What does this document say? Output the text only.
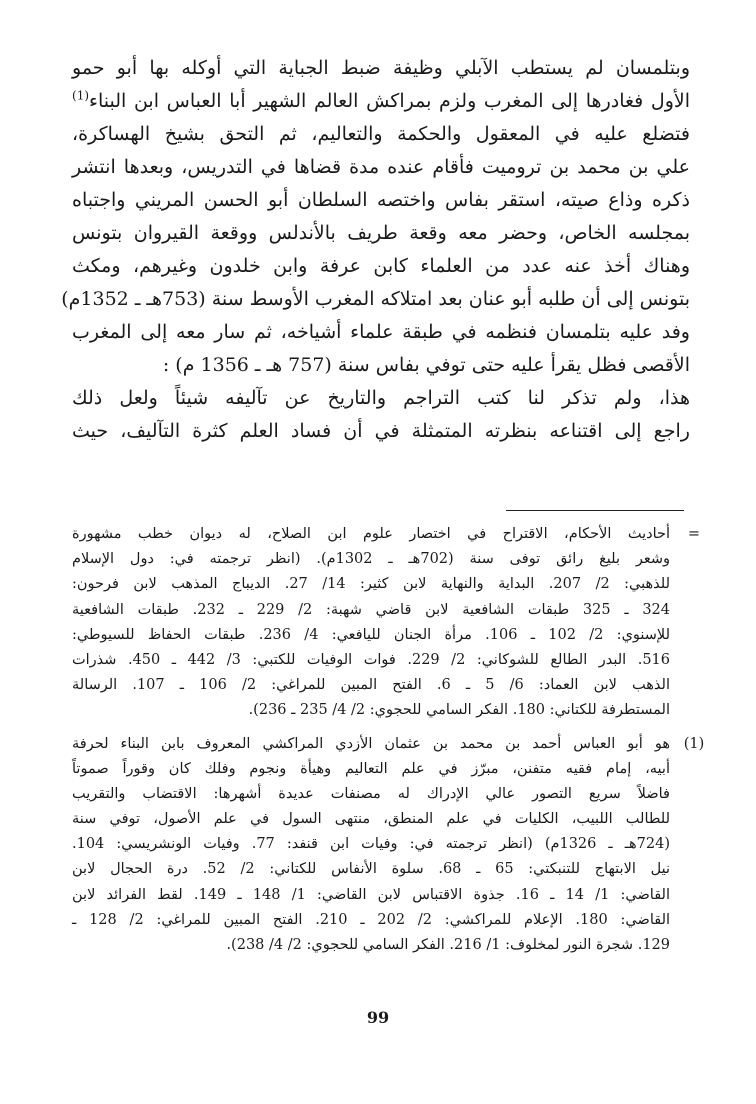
وبتلمسان لم يستطب الآبلي وظيفة ضبط الجباية التي أوكله بها أبو حمو
الأول فغادرها إلى المغرب ولزم بمراكش العالم الشهير أبا العباس ابن البناء$^{(1)}$
فتضلع عليه في المعقول والحكمة والتعاليم، ثم التحق بشيخ الهساكرة،
علي بن محمد بن تروميت فأقام عنده مدة قضاها في التدريس، وبعدها انتشر
ذكره وذاع صيته، استقر بفاس واختصه السلطان أبو الحسن المريني واجتباه
بمجلسه الخاص، وحضر معه وقعة طريف بالأندلس ووقعة القيروان بتونس
وهناك أخذ عنه عدد من العلماء كابن عرفة وابن خلدون وغيرهم، ومكث
بتونس إلى أن طلبه أبو عنان بعد امتلاكه المغرب الأوسط سنة (753هـ ـ 1352م)
وفد عليه بتلمسان فنظمه في طبقة علماء أشياخه، ثم سار معه إلى المغرب
الأقصى فظل يقرأ عليه حتى توفي بفاس سنة (757 هـ ـ 1356 م) :
هذا، ولم تذكر لنا كتب التراجم والتاريخ عن تآليفه شيئاً ولعل ذلك
راجع إلى اقتناعه بنظرته المتمثلة في أن فساد العلم كثرة التآليف، حيث
=
أحاديث الأحكام، الاقتراح في اختصار علوم ابن الصلاح، له ديوان خطب مشهورة
وشعر بليغ رائق توفى سنة (702هـ ـ 1302م). (انظر ترجمته في: دول الإسلام
للذهبي: 2/ 207. البداية والنهاية لابن كثير: 14/ 27. الديباج المذهب لابن فرحون:
324 ـ 325 طبقات الشافعية لابن قاضي شهبة: 2/ 229 ـ 232. طبقات الشافعية
للإسنوي: 2/ 102 ـ 106. مرأة الجنان لليافعي: 4/ 236. طبقات الحفاظ للسيوطي:
516. البدر الطالع للشوكاني: 2/ 229. فوات الوفيات للكتبي: 3/ 442 ـ 450. شذرات
الذهب لابن العماد: 6/ 5 ـ 6. الفتح المبين للمراغي: 2/ 106 ـ 107. الرسالة
المستطرفة للكتاني: 180. الفكر السامي للحجوي: 2/ 4/ 235 ـ 236).
(1)
هو أبو العباس أحمد بن محمد بن عثمان الأزدي المراكشي المعروف بابن البناء لحرفة
أبيه، إمام فقيه متفنن، مبرّز في علم التعاليم وهيأة ونجوم وفلك كان وقوراً صموتاً
فاضلاً سريع التصور عالي الإدراك له مصنفات عديدة أشهرها: الاقتضاب والتقريب
للطالب اللبيب، الكليات في علم المنطق، منتهى السول في علم الأصول، توفي سنة
(724هـ ـ 1326م) (انظر ترجمته في: وفيات ابن قنفد: 77. وفيات الونشريسي: 104.
نيل الابتهاج للتنبكتي: 65 ـ 68. سلوة الأنفاس للكتاني: 2/ 52. درة الحجال لابن
القاضي: 1/ 14 ـ 16. جذوة الاقتباس لابن القاضي: 1/ 148 ـ 149. لقط الفرائد لابن
القاضي: 180. الإعلام للمراكشي: 2/ 202 ـ 210. الفتح المبين للمراغي: 2/ 128 ـ
129. شجرة النور لمخلوف: 1/ 216. الفكر السامي للحجوي: 2/ 4/ 238).
99
